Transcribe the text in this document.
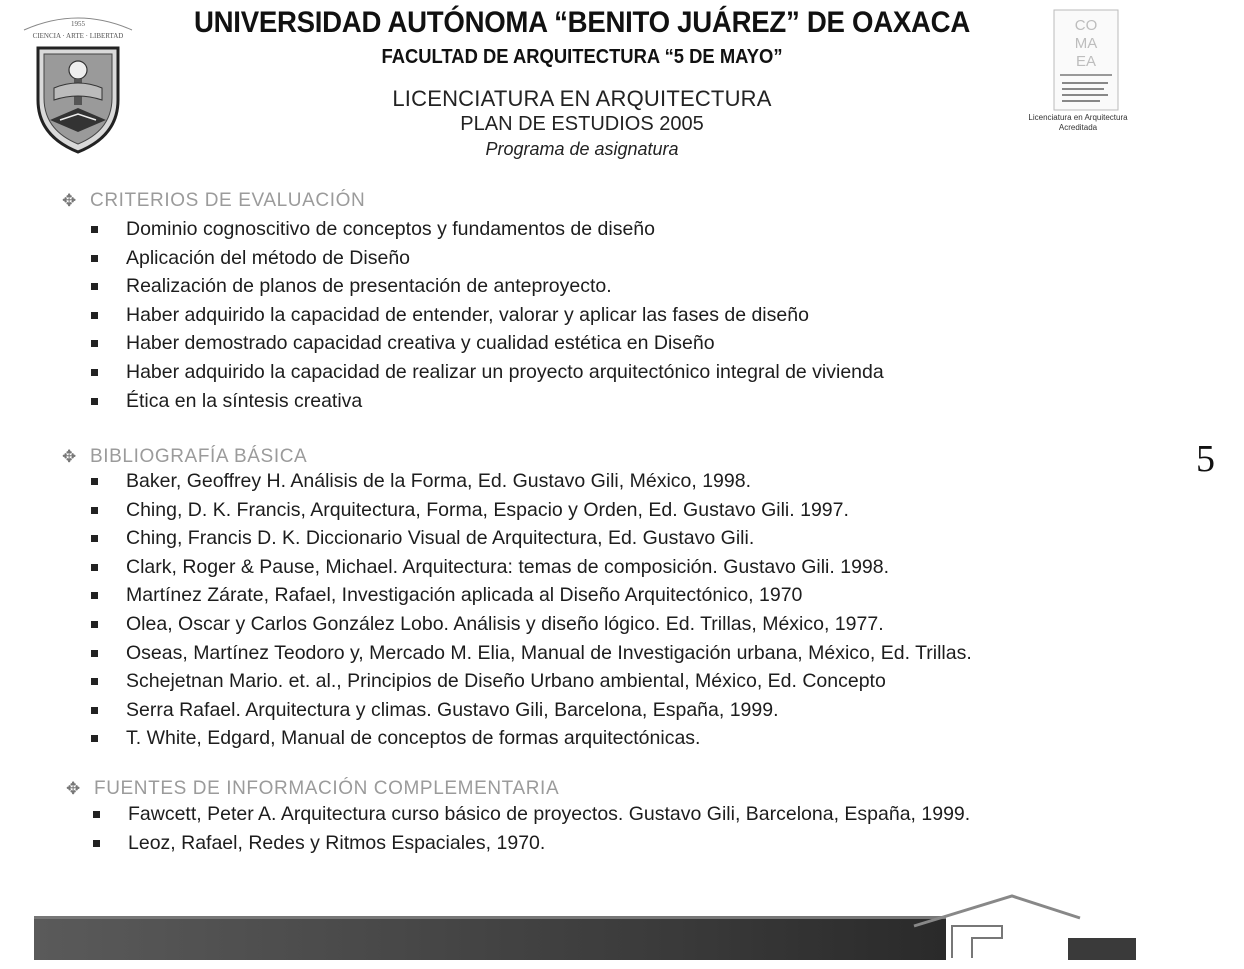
1955
CIENCIA · ARTE · LIBERTAD	UNIVERSIDAD AUTÓNOMA “BENITO JUÁREZ” DE OAXACA
FACULTAD DE ARQUITECTURA “5 DE MAYO”
LICENCIATURA EN ARQUITECTURA
PLAN DE ESTUDIOS 2005
Programa de asignatura
CO
MA
EA
Licenciatura en Arquitectura
Acreditada
✥ CRITERIOS DE EVALUACIÓN
Dominio cognoscitivo de conceptos y fundamentos de diseño
Aplicación del método de Diseño
Realización de planos de presentación de anteproyecto.
Haber adquirido la capacidad de entender, valorar y aplicar las fases de diseño
Haber demostrado capacidad creativa y cualidad estética en Diseño
Haber adquirido la capacidad de realizar un proyecto arquitectónico integral de vivienda
Ética en la síntesis creativa
✥ BIBLIOGRAFÍA BÁSICA
Baker, Geoffrey H. Análisis de la Forma, Ed. Gustavo Gili, México, 1998.
Ching, D. K. Francis, Arquitectura, Forma, Espacio y Orden, Ed. Gustavo Gili. 1997.
Ching, Francis D. K. Diccionario Visual de Arquitectura, Ed. Gustavo Gili.
Clark, Roger & Pause, Michael. Arquitectura: temas de composición. Gustavo Gili. 1998.
Martínez Zárate, Rafael, Investigación aplicada al Diseño Arquitectónico, 1970
Olea, Oscar y Carlos González Lobo. Análisis y diseño lógico. Ed. Trillas, México, 1977.
Oseas, Martínez Teodoro y, Mercado M. Elia, Manual de Investigación urbana, México, Ed. Trillas.
Schejetnan Mario. et. al., Principios de Diseño Urbano ambiental, México, Ed. Concepto
Serra Rafael. Arquitectura y climas. Gustavo Gili, Barcelona, España, 1999.
T. White, Edgard, Manual de conceptos de formas arquitectónicas.
✥ FUENTES DE INFORMACIÓN COMPLEMENTARIA
Fawcett, Peter A. Arquitectura curso básico de proyectos. Gustavo Gili, Barcelona, España, 1999.
Leoz, Rafael, Redes y Ritmos Espaciales, 1970.
5
